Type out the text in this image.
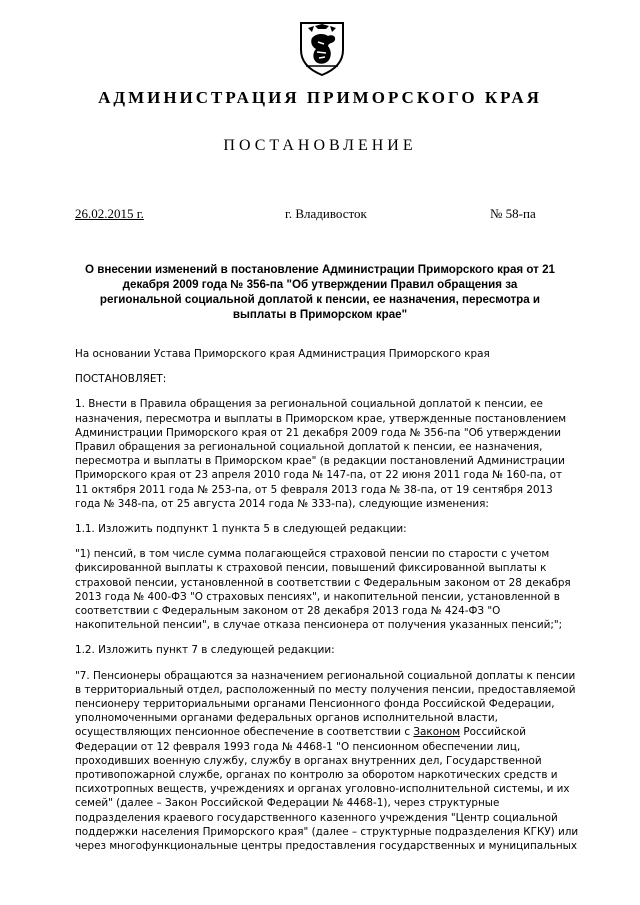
АДМИНИСТРАЦИЯ ПРИМОРСКОГО КРАЯ
ПОСТАНОВЛЕНИЕ
26.02.2015 г.	г. Владивосток	№ 58-па
О внесении изменений в постановление Администрации Приморского края от 21
декабря 2009 года № 356-па "Об утверждении Правил обращения за
региональной социальной доплатой к пенсии, ее назначения, пересмотра и
выплаты в Приморском крае"

На основании Устава Приморского края Администрация Приморского края

ПОСТАНОВЛЯЕТ:

1. Внести в Правила обращения за региональной социальной доплатой к пенсии, ее
назначения, пересмотра и выплаты в Приморском крае, утвержденные постановлением
Администрации Приморского края от 21 декабря 2009 года № 356-па "Об утверждении
Правил обращения за региональной социальной доплатой к пенсии, ее назначения,
пересмотра и выплаты в Приморском крае" (в редакции постановлений Администрации
Приморского края от 23 апреля 2010 года № 147-па, от 22 июня 2011 года № 160-па, от
11 октября 2011 года № 253-па, от 5 февраля 2013 года № 38-па, от 19 сентября 2013
года № 348-па, от 25 августа 2014 года № 333-па), следующие изменения:

1.1. Изложить подпункт 1 пункта 5 в следующей редакции:

"1) пенсий, в том числе сумма полагающейся страховой пенсии по старости с учетом
фиксированной выплаты к страховой пенсии, повышений фиксированной выплаты к
страховой пенсии, установленной в соответствии с Федеральным законом от 28 декабря
2013 года № 400-ФЗ "О страховых пенсиях", и накопительной пенсии, установленной в
соответствии с Федеральным законом от 28 декабря 2013 года № 424-ФЗ "О
накопительной пенсии", в случае отказа пенсионера от получения указанных пенсий;";

1.2. Изложить пункт 7 в следующей редакции:

"7. Пенсионеры обращаются за назначением региональной социальной доплаты к пенсии
в территориальный отдел, расположенный по месту получения пенсии, предоставляемой
пенсионеру территориальными органами Пенсионного фонда Российской Федерации,
уполномоченными органами федеральных органов исполнительной власти,
осуществляющих пенсионное обеспечение в соответствии с Законом Российской
Федерации от 12 февраля 1993 года № 4468-1 "О пенсионном обеспечении лиц,
проходивших военную службу, службу в органах внутренних дел, Государственной
противопожарной службе, органах по контролю за оборотом наркотических средств и
психотропных веществ, учреждениях и органах уголовно-исполнительной системы, и их
семей" (далее – Закон Российской Федерации № 4468-1), через структурные
подразделения краевого государственного казенного учреждения "Центр социальной
поддержки населения Приморского края" (далее – структурные подразделения КГКУ) или
через многофункциональные центры предоставления государственных и муниципальных
